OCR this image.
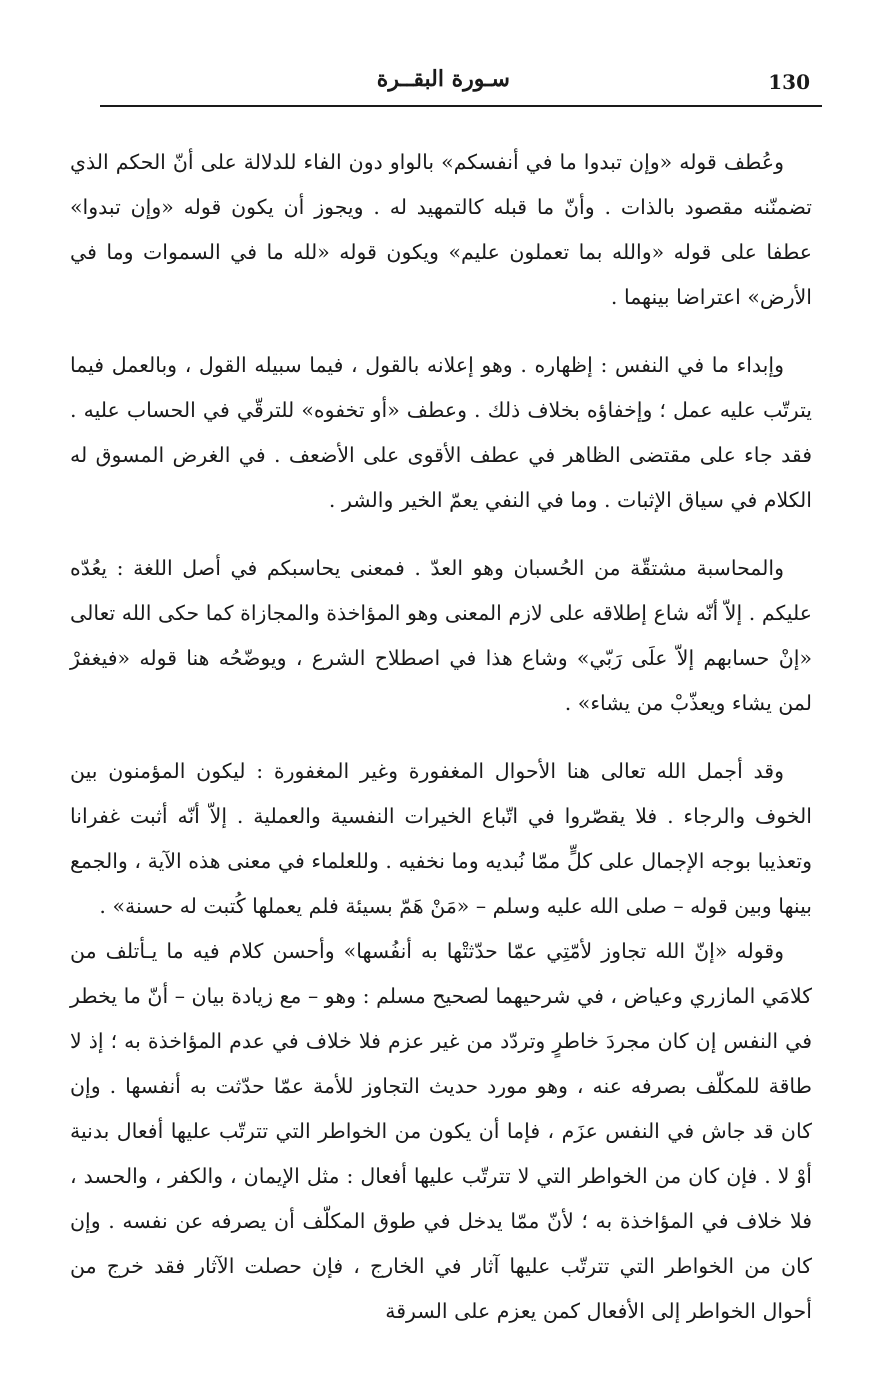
130
سـورة البقــرة

وعُطف قوله «وإن تبدوا ما في أنفسكم» بالواو دون الفاء للدلالة على أنّ الحكم الذي تضمنّنه مقصود بالذات . وأنّ ما قبله كالتمهيد له . ويجوز أن يكون قوله «وإن تبدوا» عطفا على قوله «والله بما تعملون عليم» ويكون قوله «لله ما في السموات وما في الأرض» اعتراضا بينهما .

وإبداء ما في النفس : إظهاره . وهو إعلانه بالقول ، فيما سبيله القول ، وبالعمل فيما يترتّب عليه عمل ؛ وإخفاؤه بخلاف ذلك . وعطف «أو تخفوه» للترقّي في الحساب عليه . فقد جاء على مقتضى الظاهر في عطف الأقوى على الأضعف . في الغرض المسوق له الكلام في سياق الإثبات . وما في النفي يعمّ الخير والشر .

والمحاسبة مشتقّة من الحُسبان وهو العدّ . فمعنى يحاسبكم في أصل اللغة : يعُدّه عليكم . إلاّ أنّه شاع إطلاقه على لازم المعنى وهو المؤاخذة والمجازاة كما حكى الله تعالى «إنْ حسابهم إلاّ علَى رَبّي» وشاع هذا في اصطلاح الشرع ، ويوضّحُه هنا قوله «فيغفرْ لمن يشاء ويعذّبْ من يشاء» .

وقد أجمل الله تعالى هنا الأحوال المغفورة وغير المغفورة : ليكون المؤمنون بين الخوف والرجاء . فلا يقصّروا في اتّباع الخيرات النفسية والعملية . إلاّ أنّه أثبت غفرانا وتعذيبا بوجه الإجمال على كلٍّ ممّا نُبديه وما نخفيه . وللعلماء في معنى هذه الآية ، والجمع بينها وبين قوله – صلى الله عليه وسلم – «مَنْ هَمّ بسيئة فلم يعملها كُتبت له حسنة» .

وقوله «إنّ الله تجاوز لأمّتِي عمّا حدّثتْها به أنفُسها» وأحسن كلام فيه ما يـأتلف من كلامَي المازري وعياض ، في شرحيهما لصحيح مسلم : وهو – مع زيادة بيان – أنّ ما يخطر في النفس إن كان مجردَ خاطرٍ وتردّد من غير عزم فلا خلاف في عدم المؤاخذة به ؛ إذ لا طاقة للمكلّف بصرفه عنه ، وهو مورد حديث التجاوز للأمة عمّا حدّثت به أنفسها . وإن كان قد جاش في النفس عزَم ، فإما أن يكون من الخواطر التي تترتّب عليها أفعال بدنية أوْ لا . فإن كان من الخواطر التي لا تترتّب عليها أفعال : مثل الإيمان ، والكفر ، والحسد ، فلا خلاف في المؤاخذة به ؛ لأنّ ممّا يدخل في طوق المكلّف أن يصرفه عن نفسه . وإن كان من الخواطر التي تترتّب عليها آثار في الخارج ، فإن حصلت الآثار فقد خرج من أحوال الخواطر إلى الأفعال كمن يعزم على السرقة
